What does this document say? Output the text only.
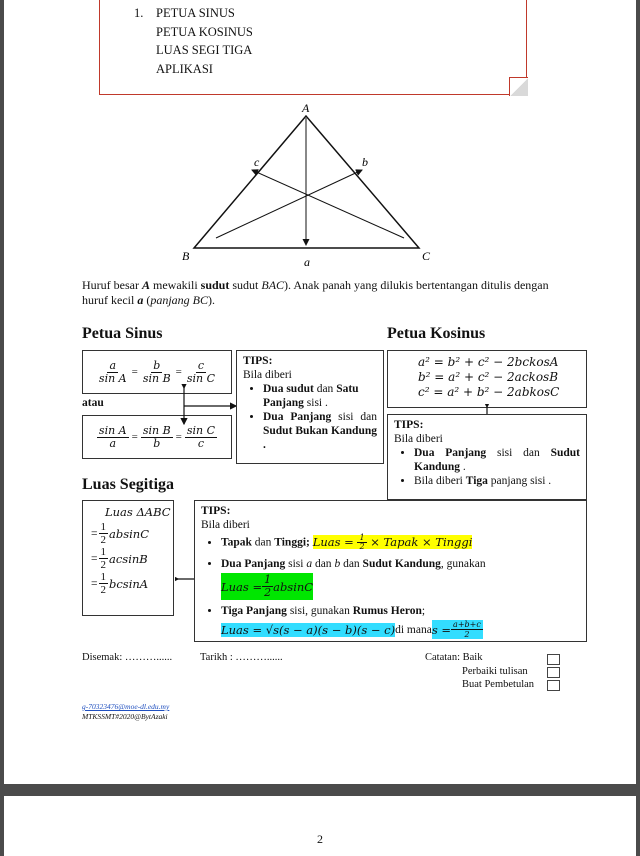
1. PETUA SINUS
PETUA KOSINUS
LUAS SEGI TIGA
APLIKASI
A
B	C
a
b
c
Huruf besar A mewakili sudut sudut BAC). Anak panah yang dilukis bertentangan ditulis dengan huruf kecil a (panjang BC).
Petua Sinus	Petua Kosinus
$\frac{a}{\text{sin A}} = \frac{b}{\text{sin B}} = \frac{c}{\text{sin C}}$
atau
$\frac{\text{sin A}}{a} = \frac{\text{sin B}}{b} = \frac{\text{sin C}}{c}$
TIPS:
Bila diberi
• Dua sudut dan Satu Panjang sisi .
• Dua Panjang sisi dan Sudut Bukan Kandung .
a² = b² + c² − 2bckosA
b² = a² + c² − 2ackosB
c² = a² + b² − 2abkosC
TIPS:
Bila diberi
• Dua Panjang sisi dan Sudut Kandung .
• Bila diberi Tiga panjang sisi .
Luas Segitiga
Luas ΔABC
= $\frac{1}{2}$ absinC
= $\frac{1}{2}$ acsinB
= $\frac{1}{2}$ bcsinA
TIPS:
Bila diberi
• Tapak dan Tinggi; Luas = $\frac{1}{2}$ × Tapak × Tinggi
• Dua Panjang sisi a dan b dan Sudut Kandung, gunakan
Luas = $\frac{1}{2}$ absinC
• Tiga Panjang sisi, gunakan Rumus Heron;
Luas = √s(s − a)(s − b)(s − c) di mana $s = \frac{a+b+c}{2}$
Disemak: ………......	Tarikh : ………......	Catatan: Baik
Perbaiki tulisan
Buat Pembetulan
g-70323476@moe-dl.edu.my
MTKSSMT#2020@BytAzaki
2
